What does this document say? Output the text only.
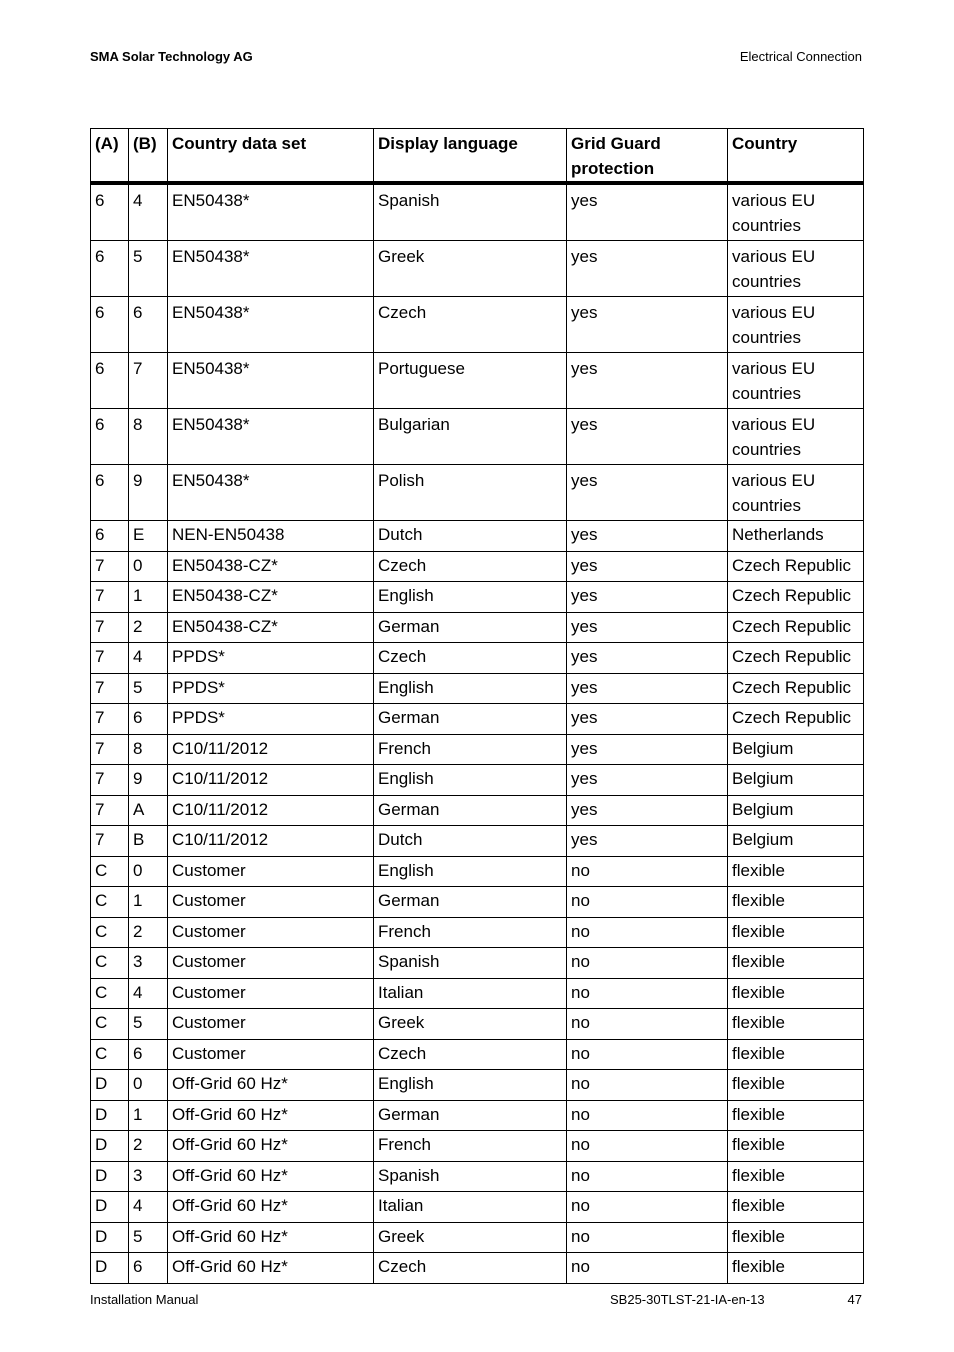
SMA Solar Technology AG	Electrical Connection
(A)	(B)	Country data set	Display language	Grid Guard protection	Country
6	4	EN50438*	Spanish	yes	various EU countries
6	5	EN50438*	Greek	yes	various EU countries
6	6	EN50438*	Czech	yes	various EU countries
6	7	EN50438*	Portuguese	yes	various EU countries
6	8	EN50438*	Bulgarian	yes	various EU countries
6	9	EN50438*	Polish	yes	various EU countries
6	E	NEN-EN50438	Dutch	yes	Netherlands
7	0	EN50438-CZ*	Czech	yes	Czech Republic
7	1	EN50438-CZ*	English	yes	Czech Republic
7	2	EN50438-CZ*	German	yes	Czech Republic
7	4	PPDS*	Czech	yes	Czech Republic
7	5	PPDS*	English	yes	Czech Republic
7	6	PPDS*	German	yes	Czech Republic
7	8	C10/11/2012	French	yes	Belgium
7	9	C10/11/2012	English	yes	Belgium
7	A	C10/11/2012	German	yes	Belgium
7	B	C10/11/2012	Dutch	yes	Belgium
C	0	Customer	English	no	flexible
C	1	Customer	German	no	flexible
C	2	Customer	French	no	flexible
C	3	Customer	Spanish	no	flexible
C	4	Customer	Italian	no	flexible
C	5	Customer	Greek	no	flexible
C	6	Customer	Czech	no	flexible
D	0	Off-Grid 60 Hz*	English	no	flexible
D	1	Off-Grid 60 Hz*	German	no	flexible
D	2	Off-Grid 60 Hz*	French	no	flexible
D	3	Off-Grid 60 Hz*	Spanish	no	flexible
D	4	Off-Grid 60 Hz*	Italian	no	flexible
D	5	Off-Grid 60 Hz*	Greek	no	flexible
D	6	Off-Grid 60 Hz*	Czech	no	flexible
Installation Manual	SB25-30TLST-21-IA-en-13	47
